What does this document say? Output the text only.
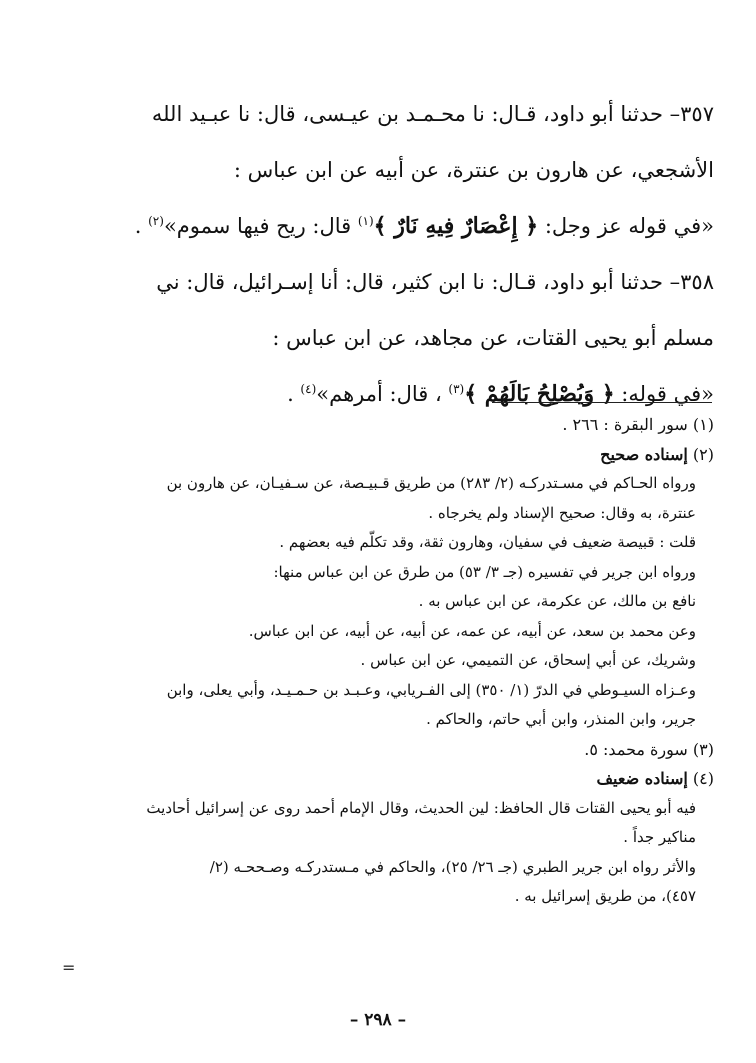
٣٥٧– حدثنا أبو داود، قـال: نا محـمـد بن عيـسى، قال: نا عبـيد الله

الأشجعي، عن هارون بن عنترة، عن أبيه عن ابن عباس :

«في قوله عز وجل: ﴿ إِعْصَارٌ فِيهِ نَارٌ ﴾$^{(١)}$ قال: ريح فيها سموم»$^{(٢)}$ .

٣٥٨– حدثنا أبو داود، قـال: نا ابن كثير، قال: أنا إسـرائيل، قال: ني

مسلم أبو يحيى القتات، عن مجاهد، عن ابن عباس :

«في قوله: ﴿ وَيُصْلِحُ بَالَهُمْ ﴾$^{(٣)}$ ، قال: أمرهم»$^{(٤)}$ .

(١) سور البقرة : ٢٦٦ .

(٢) إسناده صحيح

ورواه الحـاكم في مسـتدركـه (٢/ ٢٨٣) من طريق قـبيـصة، عن سـفيـان، عن هارون بن

عنترة، به وقال: صحيح الإسناد ولم يخرجاه .

قلت : قبيصة ضعيف في سفيان، وهارون ثقة، وقد تكلّم فيه بعضهم .

ورواه ابن جرير في تفسيره (جـ ٣/ ٥٣) من طرق عن ابن عباس منها:

نافع بن مالك، عن عكرمة، عن ابن عباس به .

وعن محمد بن سعد، عن أبيه، عن عمه، عن أبيه، عن أبيه، عن ابن عباس.

وشريك، عن أبي إسحاق، عن التميمي، عن ابن عباس .

وعـزاه السيـوطي في الدرّ (١/ ٣٥٠) إلى الفـريابي، وعـبـد بن حـمـيـد، وأبي يعلى، وابن

جرير، وابن المنذر، وابن أبي حاتم، والحاكم .

(٣) سورة محمد: ٥.

(٤) إسناده ضعيف

فيه أبو يحيى القتات قال الحافظ: لين الحديث، وقال الإمام أحمد روى عن إسرائيل أحاديث

مناكير جداً .

والأثر رواه ابن جرير الطبري (جـ ٢٦/ ٢٥)، والحاكم في مـستدركـه وصـححـه (٢/

٤٥٧)، من طريق إسرائيل به .

=
– ٢٩٨ –
